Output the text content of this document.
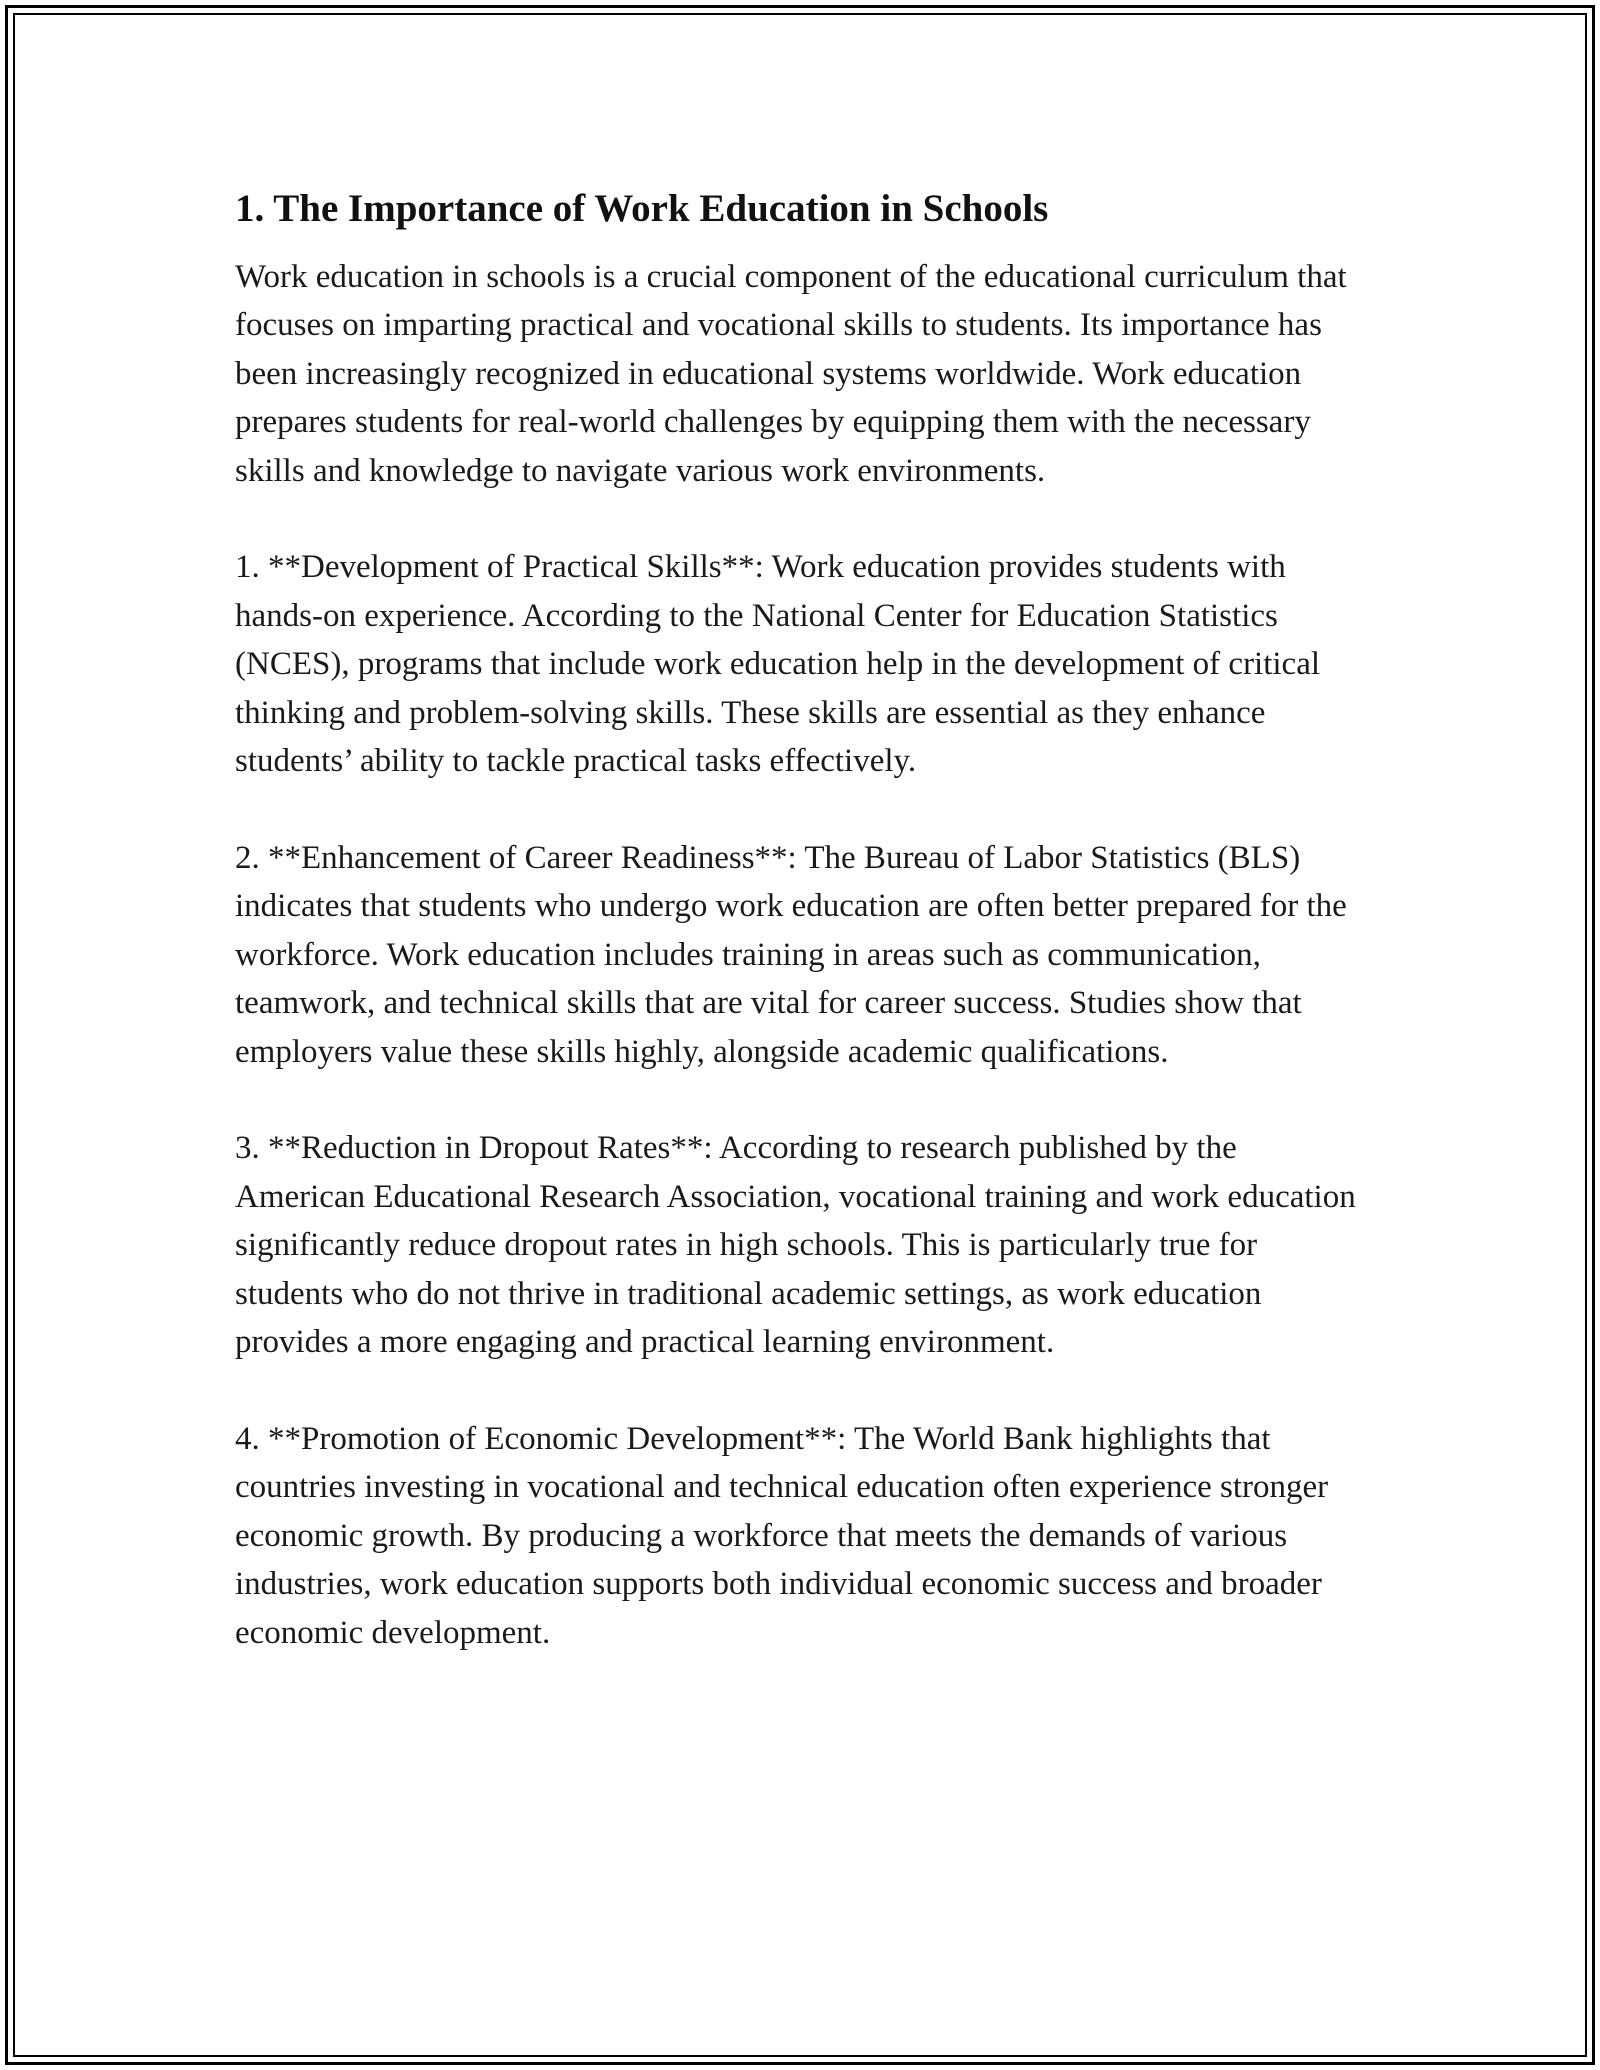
1. The Importance of Work Education in Schools

Work education in schools is a crucial component of the educational curriculum that focuses on imparting practical and vocational skills to students. Its importance has been increasingly recognized in educational systems worldwide. Work education prepares students for real-world challenges by equipping them with the necessary skills and knowledge to navigate various work environments.

1. **Development of Practical Skills**: Work education provides students with hands-on experience. According to the National Center for Education Statistics (NCES), programs that include work education help in the development of critical thinking and problem-solving skills. These skills are essential as they enhance students’ ability to tackle practical tasks effectively.

2. **Enhancement of Career Readiness**: The Bureau of Labor Statistics (BLS) indicates that students who undergo work education are often better prepared for the workforce. Work education includes training in areas such as communication, teamwork, and technical skills that are vital for career success. Studies show that employers value these skills highly, alongside academic qualifications.

3. **Reduction in Dropout Rates**: According to research published by the American Educational Research Association, vocational training and work education significantly reduce dropout rates in high schools. This is particularly true for students who do not thrive in traditional academic settings, as work education provides a more engaging and practical learning environment.

4. **Promotion of Economic Development**: The World Bank highlights that countries investing in vocational and technical education often experience stronger economic growth. By producing a workforce that meets the demands of various industries, work education supports both individual economic success and broader economic development.
